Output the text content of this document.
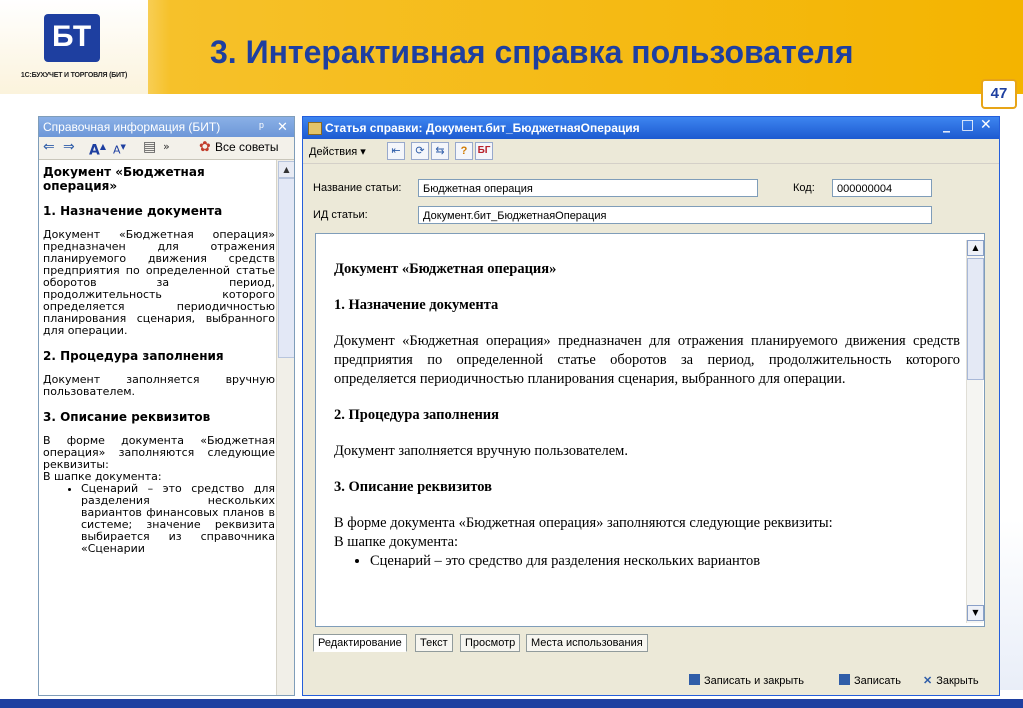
БТ
1С:БУХУЧЕТ И ТОРГОВЛЯ (БИТ)
3. Интерактивная справка пользователя
47
Справочная информация (БИТ)	ᵖ ✕
⇐ ⇒ A▲ A▼ ▤ » ✿ Все советы
Документ «Бюджетная операция»
1. Назначение документа
Документ «Бюджетная операция» предназначен для отражения планируемого движения средств предприятия по определенной статье оборотов за период, продолжительность которого определяется периодичностью планирования сценария, выбранного для операции.
2. Процедура заполнения
Документ заполняется вручную пользователем.
3. Описание реквизитов
В форме документа «Бюджетная операция» заполняются следующие реквизиты:
В шапке документа:
• Сценарий – это средство для разделения нескольких вариантов финансовых планов в системе; значение реквизита выбирается из справочника «Сценарии
▲
Статья справки: Документ.бит_БюджетнаяОперация	_ □ ✕
Действия ▾	⇤	⟳ ⇆	?	БГ
Название статьи:	Бюджетная операция	Код:	000000004
ИД статьи:	Документ.бит_БюджетнаяОперация
Документ «Бюджетная операция»
1. Назначение документа
Документ «Бюджетная операция» предназначен для отражения планируемого движения средств предприятия по определенной статье оборотов за период, продолжительность которого определяется периодичностью планирования сценария, выбранного для операции.
2. Процедура заполнения
Документ заполняется вручную пользователем.
3. Описание реквизитов
В форме документа «Бюджетная операция» заполняются следующие реквизиты:
В шапке документа:
• Сценарий – это средство для разделения нескольких вариантов
▲
▼
Редактирование	Текст	Просмотр	Места использования
Записать и закрыть	Записать ✕ Закрыть
